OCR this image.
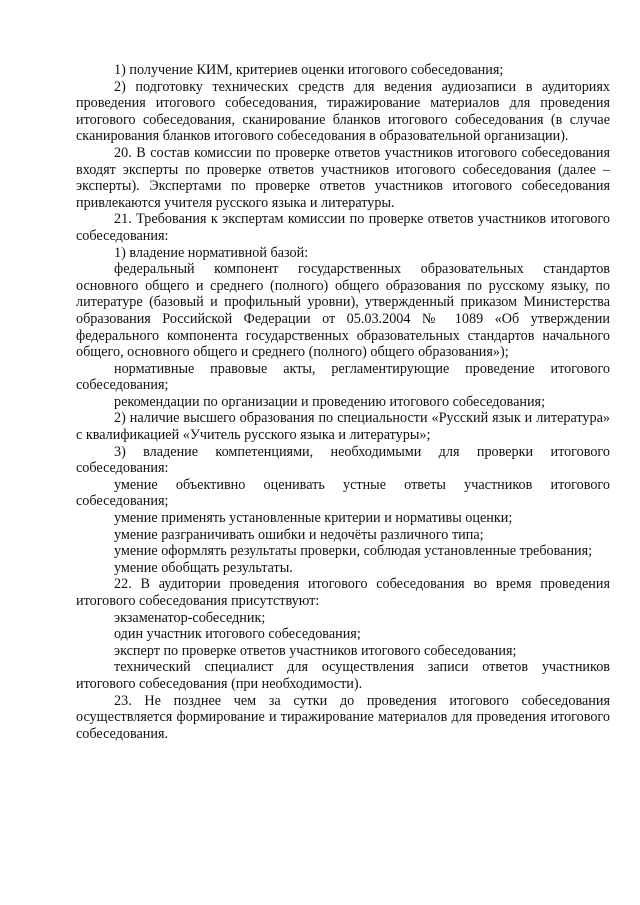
1) получение КИМ, критериев оценки итогового собеседования;

2) подготовку технических средств для ведения аудиозаписи в аудиториях проведения итогового собеседования, тиражирование материалов для проведения итогового собеседования, сканирование бланков итогового собеседования (в случае сканирования бланков итогового собеседования в образовательной организации).

20. В состав комиссии по проверке ответов участников итогового собеседования входят эксперты по проверке ответов участников итогового собеседования (далее – эксперты). Экспертами по проверке ответов участников итогового собеседования привлекаются учителя русского языка и литературы.

21. Требования к экспертам комиссии по проверке ответов участников итогового собеседования:

1) владение нормативной базой:

федеральный компонент государственных образовательных стандартов основного общего и среднего (полного) общего образования по русскому языку, по литературе (базовый и профильный уровни), утвержденный приказом Министерства образования Российской Федерации от 05.03.2004 № 1089 «Об утверждении федерального компонента государственных образовательных стандартов начального общего, основного общего и среднего (полного) общего образования»);

нормативные правовые акты, регламентирующие проведение итогового собеседования;

рекомендации по организации и проведению итогового собеседования;

2) наличие высшего образования по специальности «Русский язык и литература» с квалификацией «Учитель русского языка и литературы»;

3) владение компетенциями, необходимыми для проверки итогового собеседования:

умение объективно оценивать устные ответы участников итогового собеседования;

умение применять установленные критерии и нормативы оценки;

умение разграничивать ошибки и недочёты различного типа;

умение оформлять результаты проверки, соблюдая установленные требования;

умение обобщать результаты.

22. В аудитории проведения итогового собеседования во время проведения итогового собеседования присутствуют:

экзаменатор-собеседник;

один участник итогового собеседования;

эксперт по проверке ответов участников итогового собеседования;

технический специалист для осуществления записи ответов участников итогового собеседования (при необходимости).

23. Не позднее чем за сутки до проведения итогового собеседования осуществляется формирование и тиражирование материалов для проведения итогового собеседования.
